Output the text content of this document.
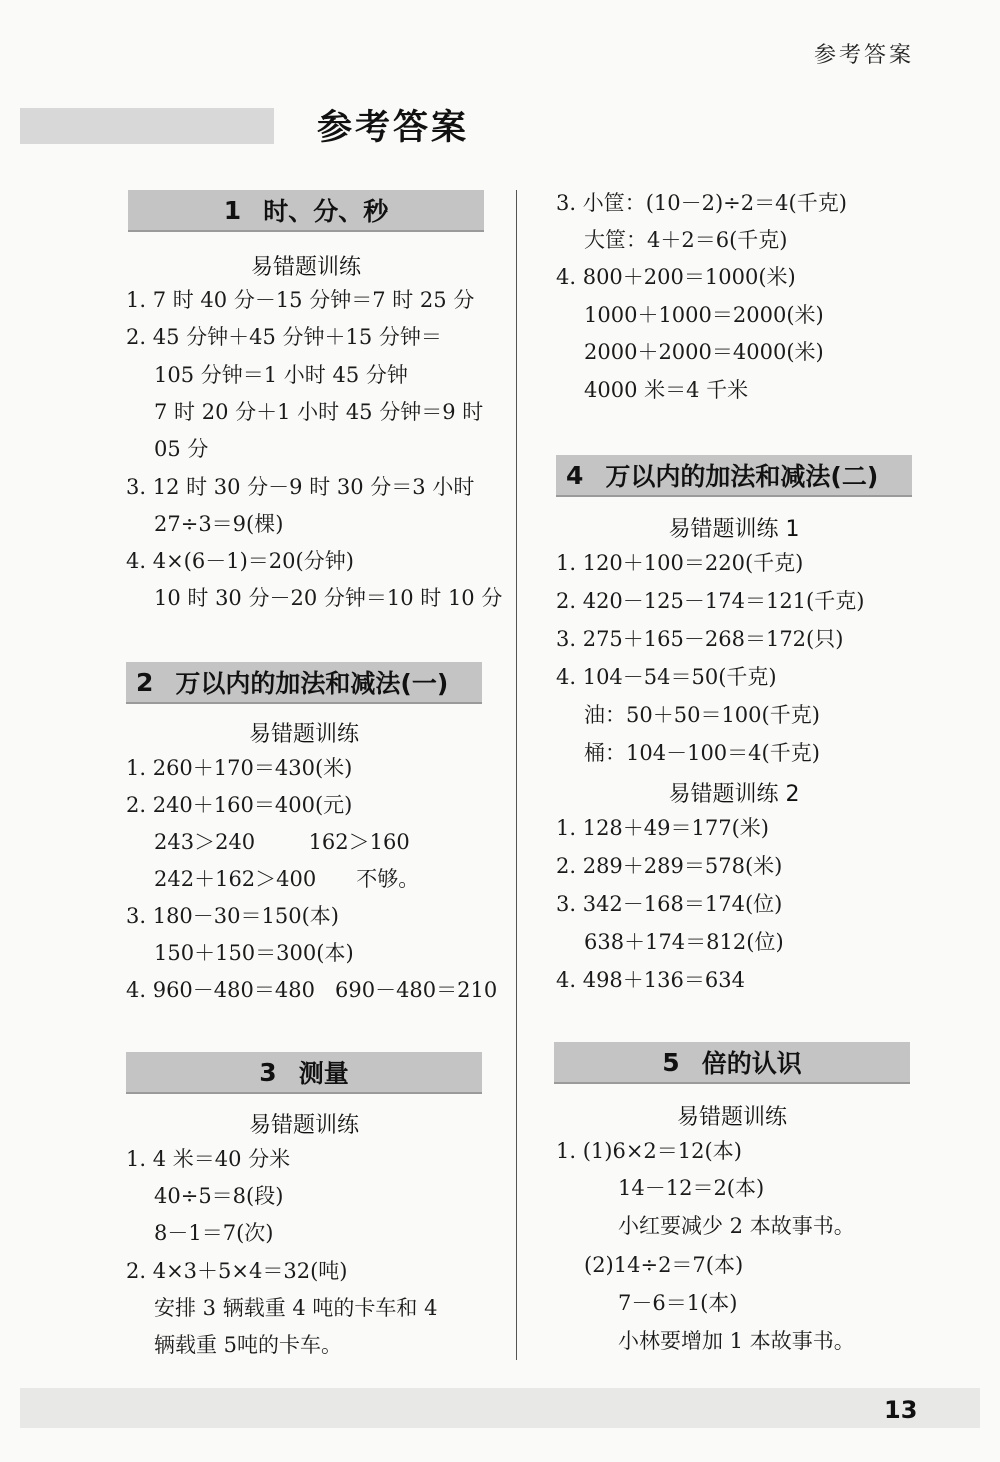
参考答案
参考答案
1 时、分、秒
易错题训练
1. 7 时 40 分－15 分钟＝7 时 25 分
2. 45 分钟＋45 分钟＋15 分钟＝
105 分钟＝1 小时 45 分钟
7 时 20 分＋1 小时 45 分钟＝9 时
05 分
3. 12 时 30 分－9 时 30 分＝3 小时
27÷3＝9(棵)
4. 4×(6－1)＝20(分钟)
10 时 30 分－20 分钟＝10 时 10 分
2 万以内的加法和减法(一)
易错题训练
1. 260＋170＝430(米)
2. 240＋160＝400(元)
243＞240        162＞160
242＋162＞400      不够。
3. 180－30＝150(本)
150＋150＝300(本)
4. 960－480＝480   690－480＝210
3 测量
易错题训练
1. 4 米＝40 分米
40÷5＝8(段)
8－1＝7(次)
2. 4×3＋5×4＝32(吨)
安排 3 辆载重 4 吨的卡车和 4
辆载重 5吨的卡车。
3. 小筐：(10－2)÷2＝4(千克)
大筐：4＋2＝6(千克)
4. 800＋200＝1000(米)
1000＋1000＝2000(米)
2000＋2000＝4000(米)
4000 米＝4 千米
4 万以内的加法和减法(二)
易错题训练 1
1. 120＋100＝220(千克)
2. 420－125－174＝121(千克)
3. 275＋165－268＝172(只)
4. 104－54＝50(千克)
油：50＋50＝100(千克)
桶：104－100＝4(千克)
易错题训练 2
1. 128＋49＝177(米)
2. 289＋289＝578(米)
3. 342－168＝174(位)
638＋174＝812(位)
4. 498＋136＝634
5 倍的认识
易错题训练
1. (1)6×2＝12(本)
14－12＝2(本)
小红要减少 2 本故事书。
(2)14÷2＝7(本)
7－6＝1(本)
小林要增加 1 本故事书。
13
